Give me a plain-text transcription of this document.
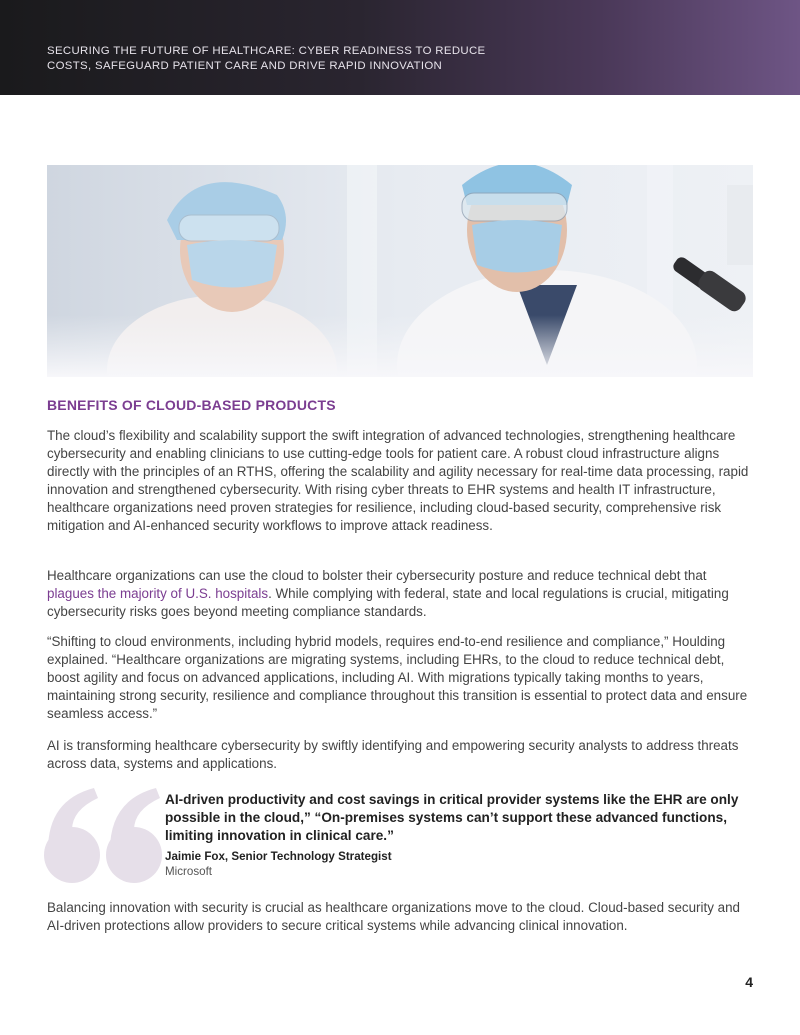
SECURING THE FUTURE OF HEALTHCARE: CYBER READINESS TO REDUCE
COSTS, SAFEGUARD PATIENT CARE AND DRIVE RAPID INNOVATION
BENEFITS OF CLOUD-BASED PRODUCTS

The cloud’s flexibility and scalability support the swift integration of advanced technologies, strengthening healthcare cybersecurity and enabling clinicians to use cutting-edge tools for patient care. A robust cloud infrastructure aligns directly with the principles of an RTHS, offering the scalability and agility necessary for real-time data processing, rapid innovation and strengthened cybersecurity. With rising cyber threats to EHR systems and health IT infrastructure, healthcare organizations need proven strategies for resilience, including cloud-based security, comprehensive risk mitigation and AI-enhanced security workflows to improve attack readiness.

Healthcare organizations can use the cloud to bolster their cybersecurity posture and reduce technical debt that plagues the majority of U.S. hospitals. While complying with federal, state and local regulations is crucial, mitigating cybersecurity risks goes beyond meeting compliance standards.

“Shifting to cloud environments, including hybrid models, requires end-to-end resilience and compliance,” Houlding explained. “Healthcare organizations are migrating systems, including EHRs, to the cloud to reduce technical debt, boost agility and focus on advanced applications, including AI. With migrations typically taking months to years, maintaining strong security, resilience and compliance throughout this transition is essential to protect data and ensure seamless access.”

AI is transforming healthcare cybersecurity by swiftly identifying and empowering security analysts to address threats across data, systems and applications.

AI-driven productivity and cost savings in critical provider systems like the EHR are only possible in the cloud,” “On-premises systems can’t support these advanced functions, limiting innovation in clinical care.”

Jaimie Fox, Senior Technology Strategist
Microsoft

Balancing innovation with security is crucial as healthcare organizations move to the cloud. Cloud-based security and AI-driven protections allow providers to secure critical systems while advancing clinical innovation.

4
